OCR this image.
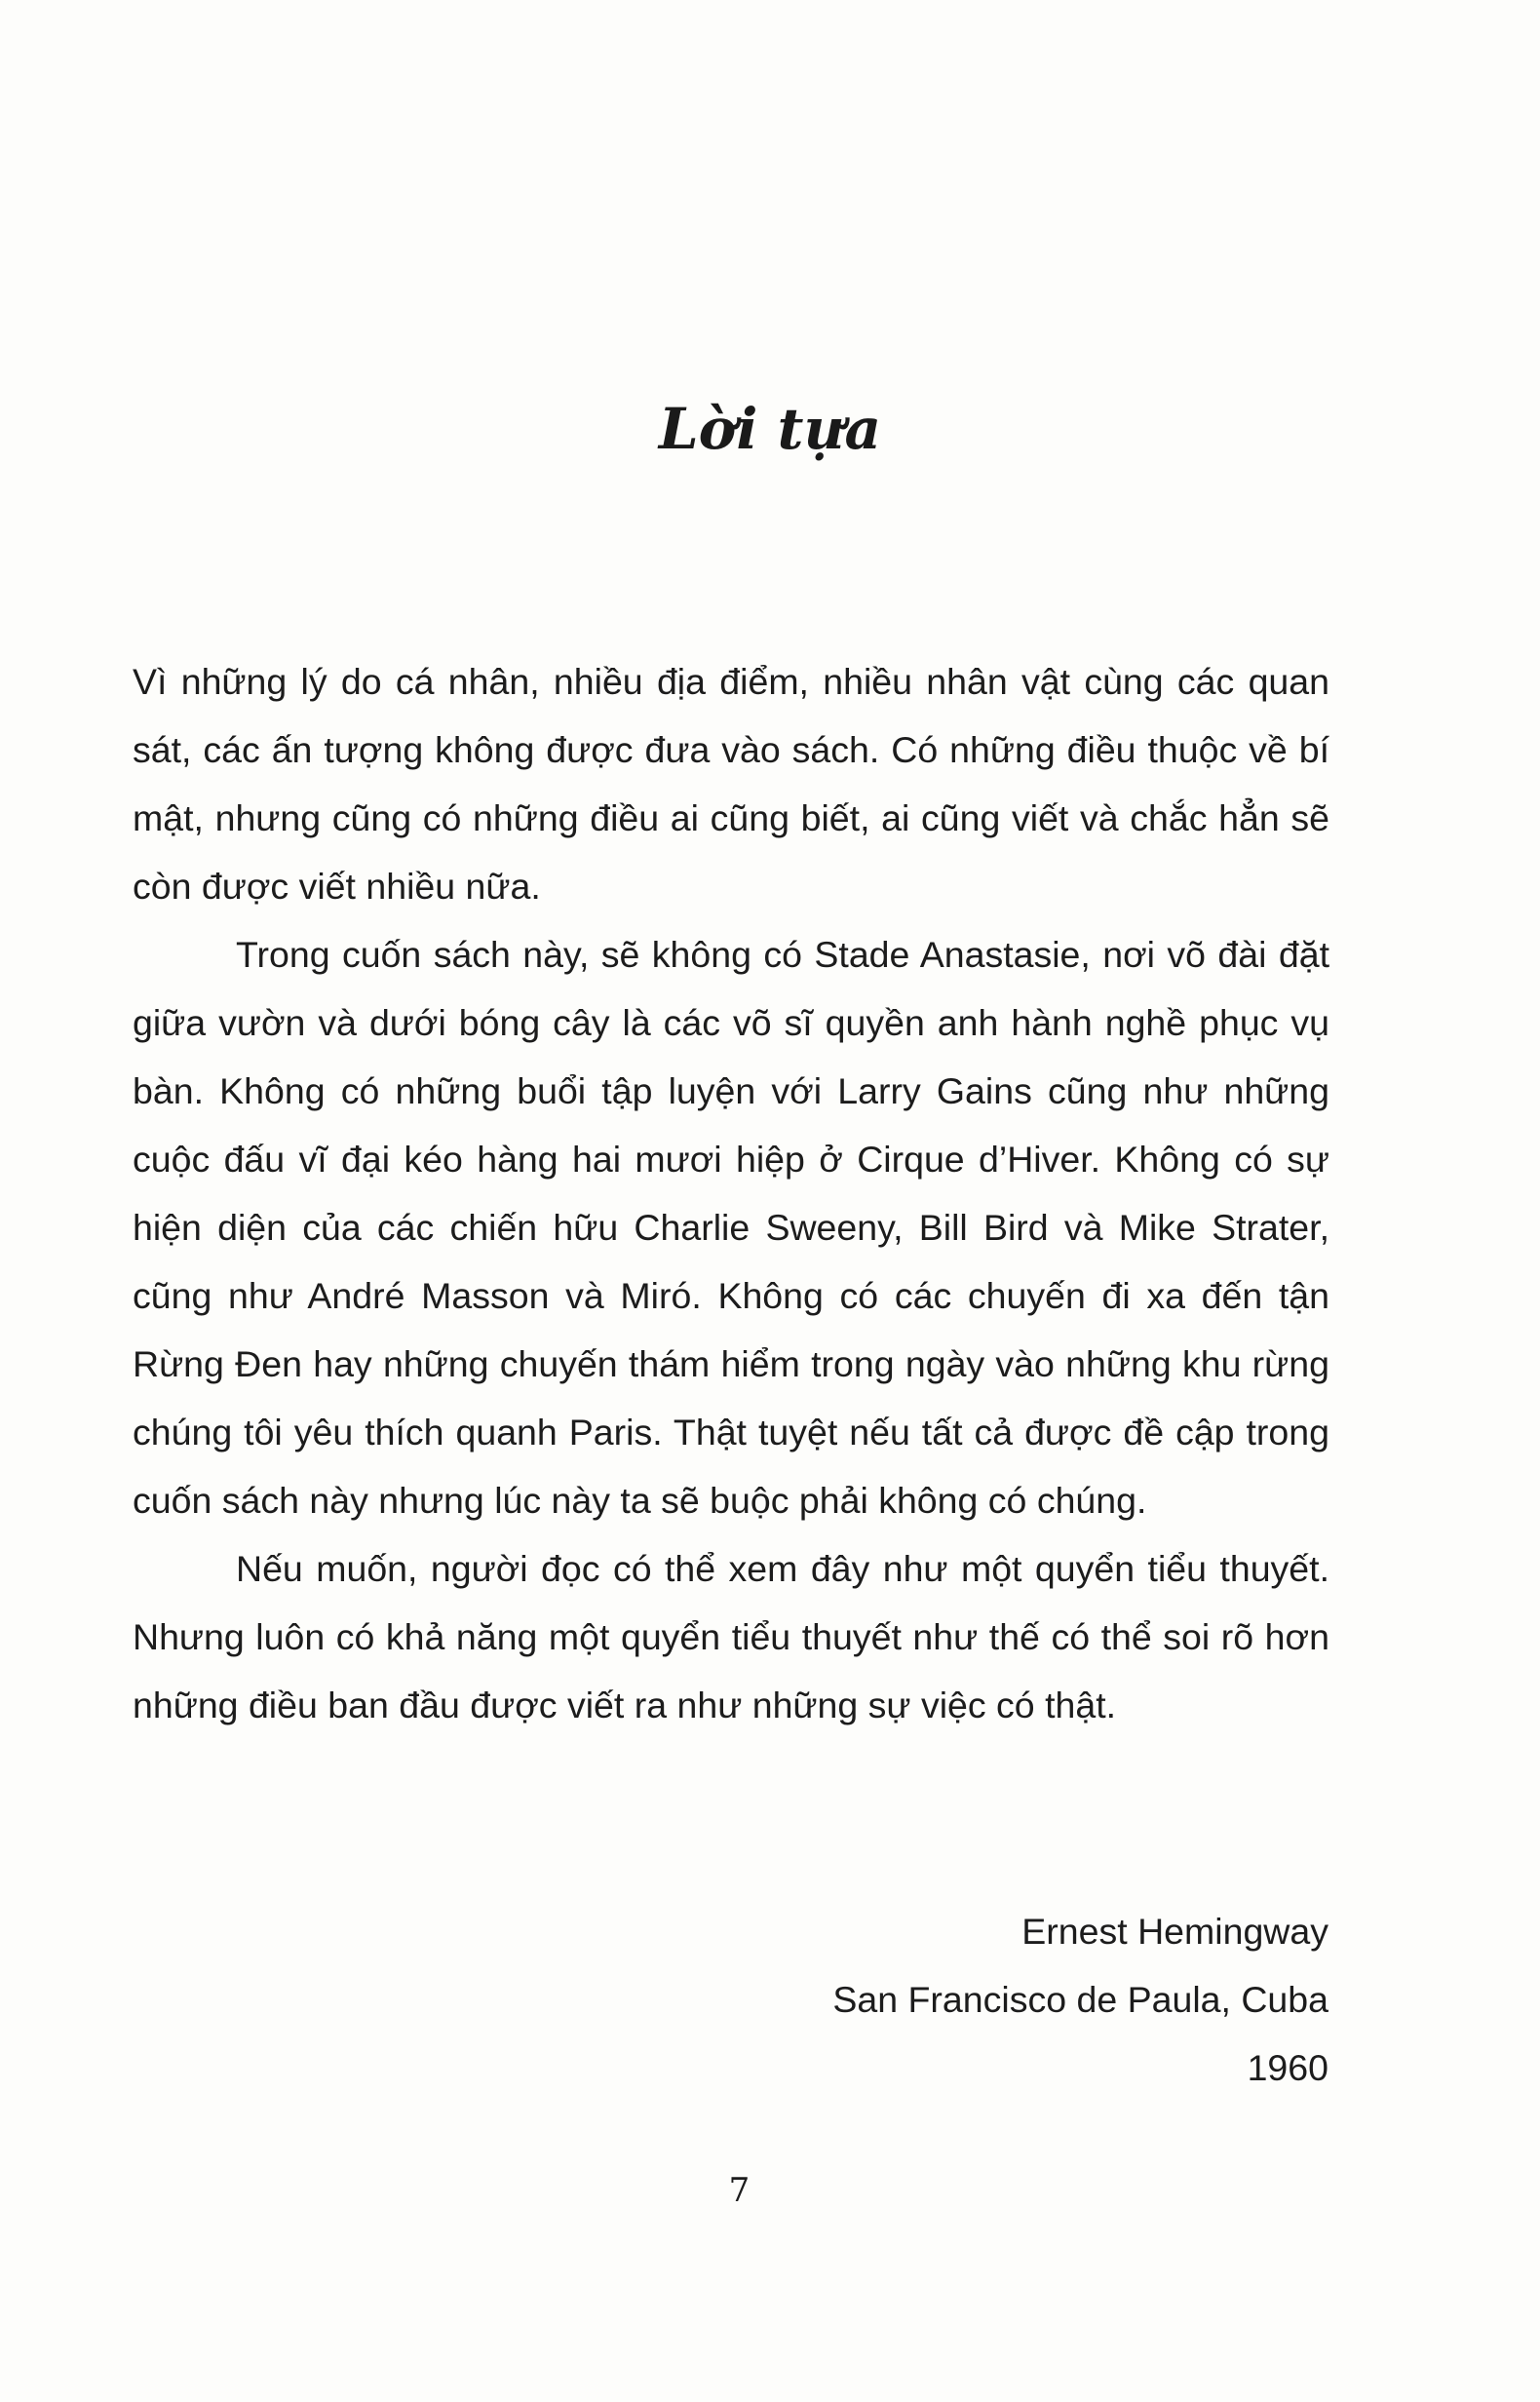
Lời tựa

Vì những lý do cá nhân, nhiều địa điểm, nhiều nhân vật cùng các quan sát, các ấn tượng không được đưa vào sách. Có những điều thuộc về bí mật, nhưng cũng có những điều ai cũng biết, ai cũng viết và chắc hẳn sẽ còn được viết nhiều nữa.

Trong cuốn sách này, sẽ không có Stade Anastasie, nơi võ đài đặt giữa vườn và dưới bóng cây là các võ sĩ quyền anh hành nghề phục vụ bàn. Không có những buổi tập luyện với Larry Gains cũng như những cuộc đấu vĩ đại kéo hàng hai mươi hiệp ở Cirque d’Hiver. Không có sự hiện diện của các chiến hữu Charlie Sweeny, Bill Bird và Mike Strater, cũng như André Masson và Miró. Không có các chuyến đi xa đến tận Rừng Đen hay những chuyến thám hiểm trong ngày vào những khu rừng chúng tôi yêu thích quanh Paris. Thật tuyệt nếu tất cả được đề cập trong cuốn sách này nhưng lúc này ta sẽ buộc phải không có chúng.

Nếu muốn, người đọc có thể xem đây như một quyển tiểu thuyết. Nhưng luôn có khả năng một quyển tiểu thuyết như thế có thể soi rõ hơn những điều ban đầu được viết ra như những sự việc có thật.

Ernest Hemingway
San Francisco de Paula, Cuba
1960
7
